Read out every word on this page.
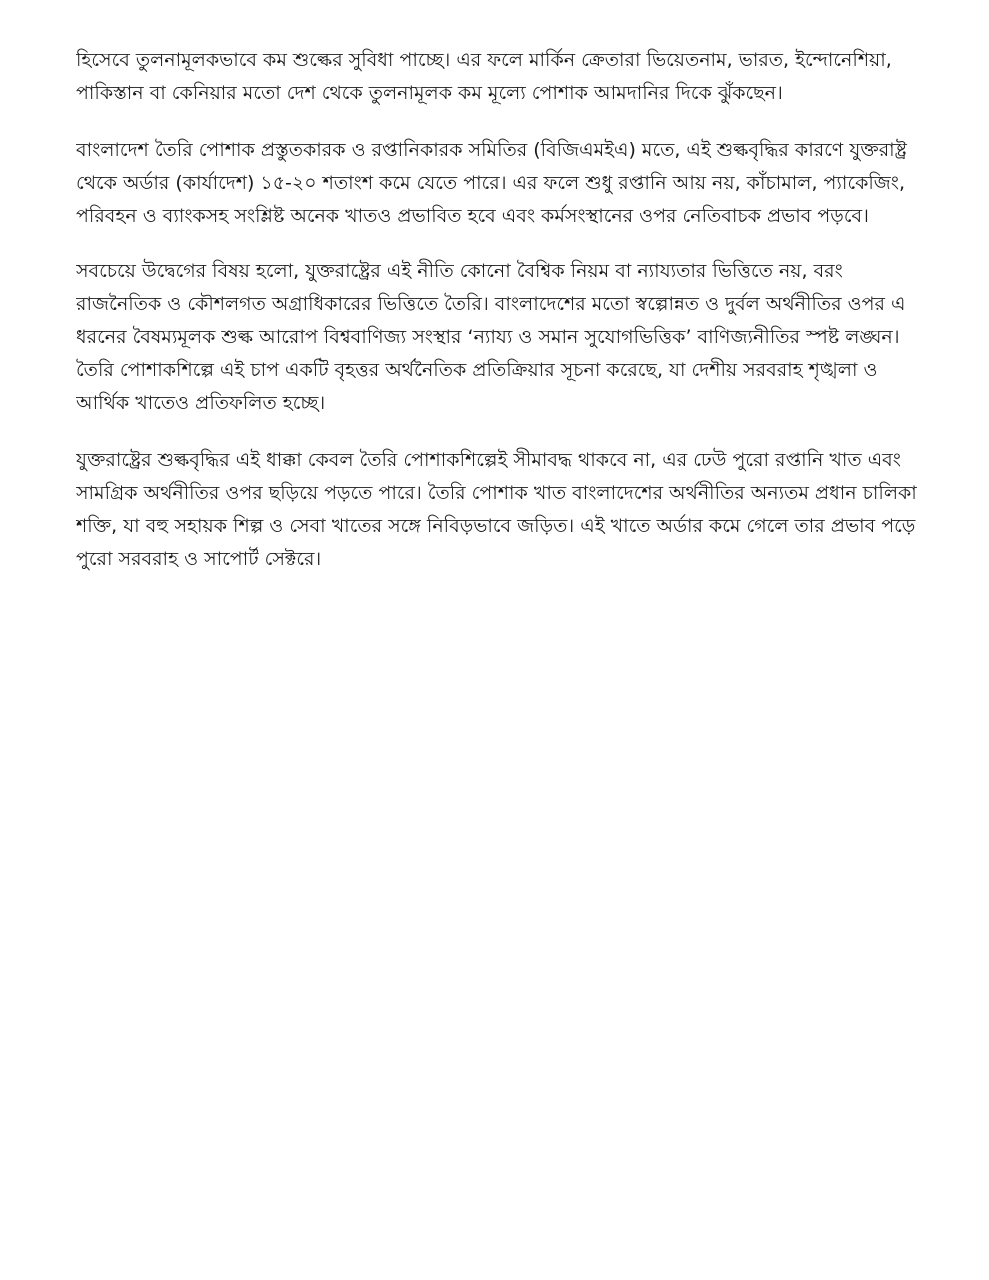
হিসেবে তুলনামূলকভাবে কম শুল্কের সুবিধা পাচ্ছে। এর ফলে মার্কিন ক্রেতারা ভিয়েতনাম, ভারত, ইন্দোনেশিয়া,
পাকিস্তান বা কেনিয়ার মতো দেশ থেকে তুলনামূলক কম মূল্যে পোশাক আমদানির দিকে ঝুঁকছেন।
বাংলাদেশ তৈরি পোশাক প্রস্তুতকারক ও রপ্তানিকারক সমিতির (বিজিএমইএ) মতে, এই শুল্কবৃদ্ধির কারণে যুক্তরাষ্ট্র
থেকে অর্ডার (কার্যাদেশ) ১৫-২০ শতাংশ কমে যেতে পারে। এর ফলে শুধু রপ্তানি আয় নয়, কাঁচামাল, প্যাকেজিং,
পরিবহন ও ব্যাংকসহ সংশ্লিষ্ট অনেক খাতও প্রভাবিত হবে এবং কর্মসংস্থানের ওপর নেতিবাচক প্রভাব পড়বে।
সবচেয়ে উদ্বেগের বিষয় হলো, যুক্তরাষ্ট্রের এই নীতি কোনো বৈশ্বিক নিয়ম বা ন্যায্যতার ভিত্তিতে নয়, বরং
রাজনৈতিক ও কৌশলগত অগ্রাধিকারের ভিত্তিতে তৈরি। বাংলাদেশের মতো স্বল্পোন্নত ও দুর্বল অর্থনীতির ওপর এ
ধরনের বৈষম্যমূলক শুল্ক আরোপ বিশ্ববাণিজ্য সংস্থার ‘ন্যায্য ও সমান সুযোগভিত্তিক’ বাণিজ্যনীতির স্পষ্ট লঙ্ঘন।
তৈরি পোশাকশিল্পে এই চাপ একটি বৃহত্তর অর্থনৈতিক প্রতিক্রিয়ার সূচনা করেছে, যা দেশীয় সরবরাহ শৃঙ্খলা ও
আর্থিক খাতেও প্রতিফলিত হচ্ছে।
যুক্তরাষ্ট্রের শুল্কবৃদ্ধির এই ধাক্কা কেবল তৈরি পোশাকশিল্পেই সীমাবদ্ধ থাকবে না, এর ঢেউ পুরো রপ্তানি খাত এবং
সামগ্রিক অর্থনীতির ওপর ছড়িয়ে পড়তে পারে। তৈরি পোশাক খাত বাংলাদেশের অর্থনীতির অন্যতম প্রধান চালিকা
শক্তি, যা বহু সহায়ক শিল্প ও সেবা খাতের সঙ্গে নিবিড়ভাবে জড়িত। এই খাতে অর্ডার কমে গেলে তার প্রভাব পড়ে
পুরো সরবরাহ ও সাপোর্ট সেক্টরে।
